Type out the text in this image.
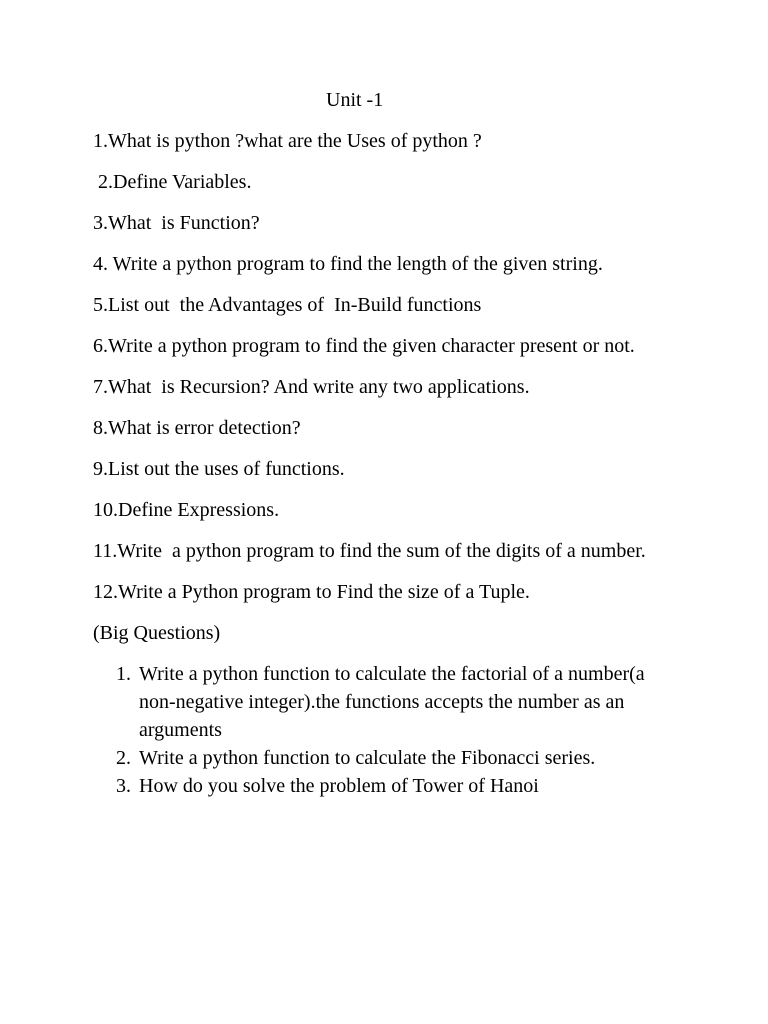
Unit -1

1.What is python ?what are the Uses of python ?

2.Define Variables.

3.What  is Function?

4. Write a python program to find the length of the given string.

5.List out  the Advantages of  In-Build functions

6.Write a python program to find the given character present or not.

7.What  is Recursion? And write any two applications.

8.What is error detection?

9.List out the uses of functions.

10.Define Expressions.

11.Write  a python program to find the sum of the digits of a number.

12.Write a Python program to Find the size of a Tuple.

(Big Questions)

1. Write a python function to calculate the factorial of a number(a non-negative integer).the functions accepts the number as an arguments
2. Write a python function to calculate the Fibonacci series.
3. How do you solve the problem of Tower of Hanoi
